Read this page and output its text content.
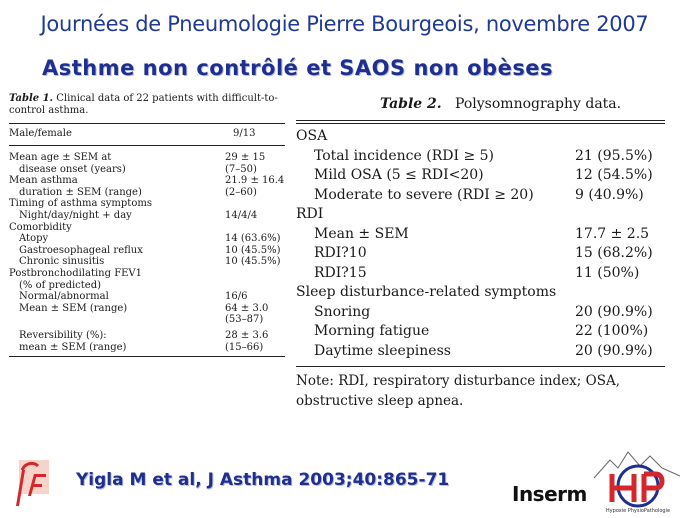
Journées de Pneumologie Pierre Bourgeois, novembre 2007
Asthme non contrôlé et SAOS non obèses
Table 1. Clinical data of 22 patients with difficult-to-control asthma.
Male/female	9/13
Mean age ± SEM at	29 ± 15
disease onset (years)	(7–50)
Mean asthma	21.9 ± 16.4
duration ± SEM (range)	(2–60)
Timing of asthma symptoms
Night/day/night + day	14/4/4
Comorbidity
Atopy	14 (63.6%)
Gastroesophageal reflux	10 (45.5%)
Chronic sinusitis	10 (45.5%)
Postbronchodilating FEV1
(% of predicted)
Normal/abnormal	16/6
Mean ± SEM (range)	64 ± 3.0
(53–87)
Reversibility (%):	28 ± 3.6
mean ± SEM (range)	(15–66)
Table 2. Polysomnography data.
OSA
Total incidence (RDI ≥ 5)	21 (95.5%)
Mild OSA (5 ≤ RDI<20)	12 (54.5%)
Moderate to severe (RDI ≥ 20)	9 (40.9%)
RDI
Mean ± SEM	17.7 ± 2.5
RDI?10	15 (68.2%)
RDI?15	11 (50%)
Sleep disturbance-related symptoms
Snoring	20 (90.9%)
Morning fatigue	22 (100%)
Daytime sleepiness	20 (90.9%)
Note: RDI, respiratory disturbance index; OSA, obstructive sleep apnea.
Yigla M et al, J Asthma 2003;40:865-71
Inserm
Hypoxie PhysioPathologie
